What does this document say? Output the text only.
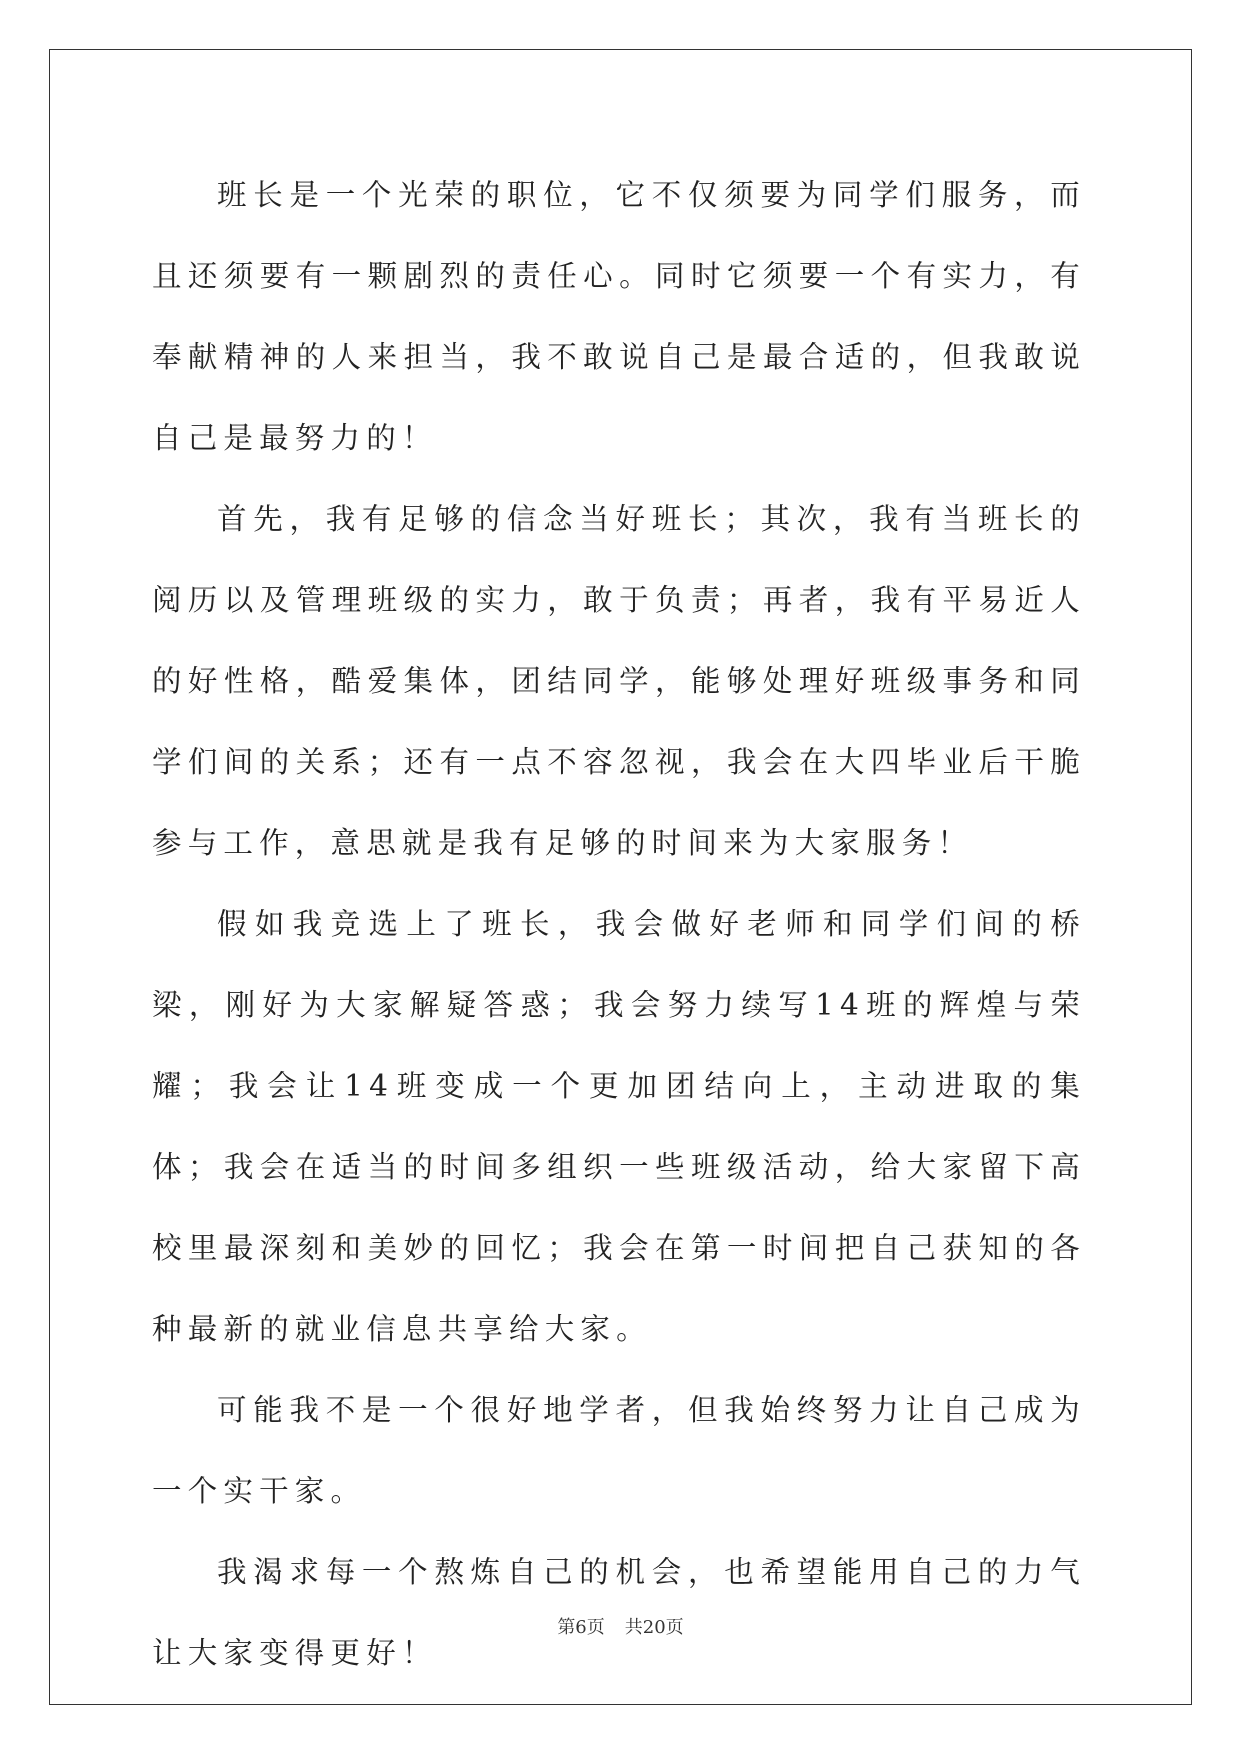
班长是一个光荣的职位，它不仅须要为同学们服务，而且还须要有一颗剧烈的责任心。同时它须要一个有实力，有奉献精神的人来担当，我不敢说自己是最合适的，但我敢说自己是最努力的！

首先，我有足够的信念当好班长；其次，我有当班长的阅历以及管理班级的实力，敢于负责；再者，我有平易近人的好性格，酷爱集体，团结同学，能够处理好班级事务和同学们间的关系；还有一点不容忽视，我会在大四毕业后干脆参与工作，意思就是我有足够的时间来为大家服务！

假如我竞选上了班长，我会做好老师和同学们间的桥梁，刚好为大家解疑答惑；我会努力续写14班的辉煌与荣耀；我会让14班变成一个更加团结向上，主动进取的集体；我会在适当的时间多组织一些班级活动，给大家留下高校里最深刻和美妙的回忆；我会在第一时间把自己获知的各种最新的就业信息共享给大家。

可能我不是一个很好地学者，但我始终努力让自己成为一个实干家。

我渴求每一个熬炼自己的机会，也希望能用自己的力气让大家变得更好！

第6页 共20页
